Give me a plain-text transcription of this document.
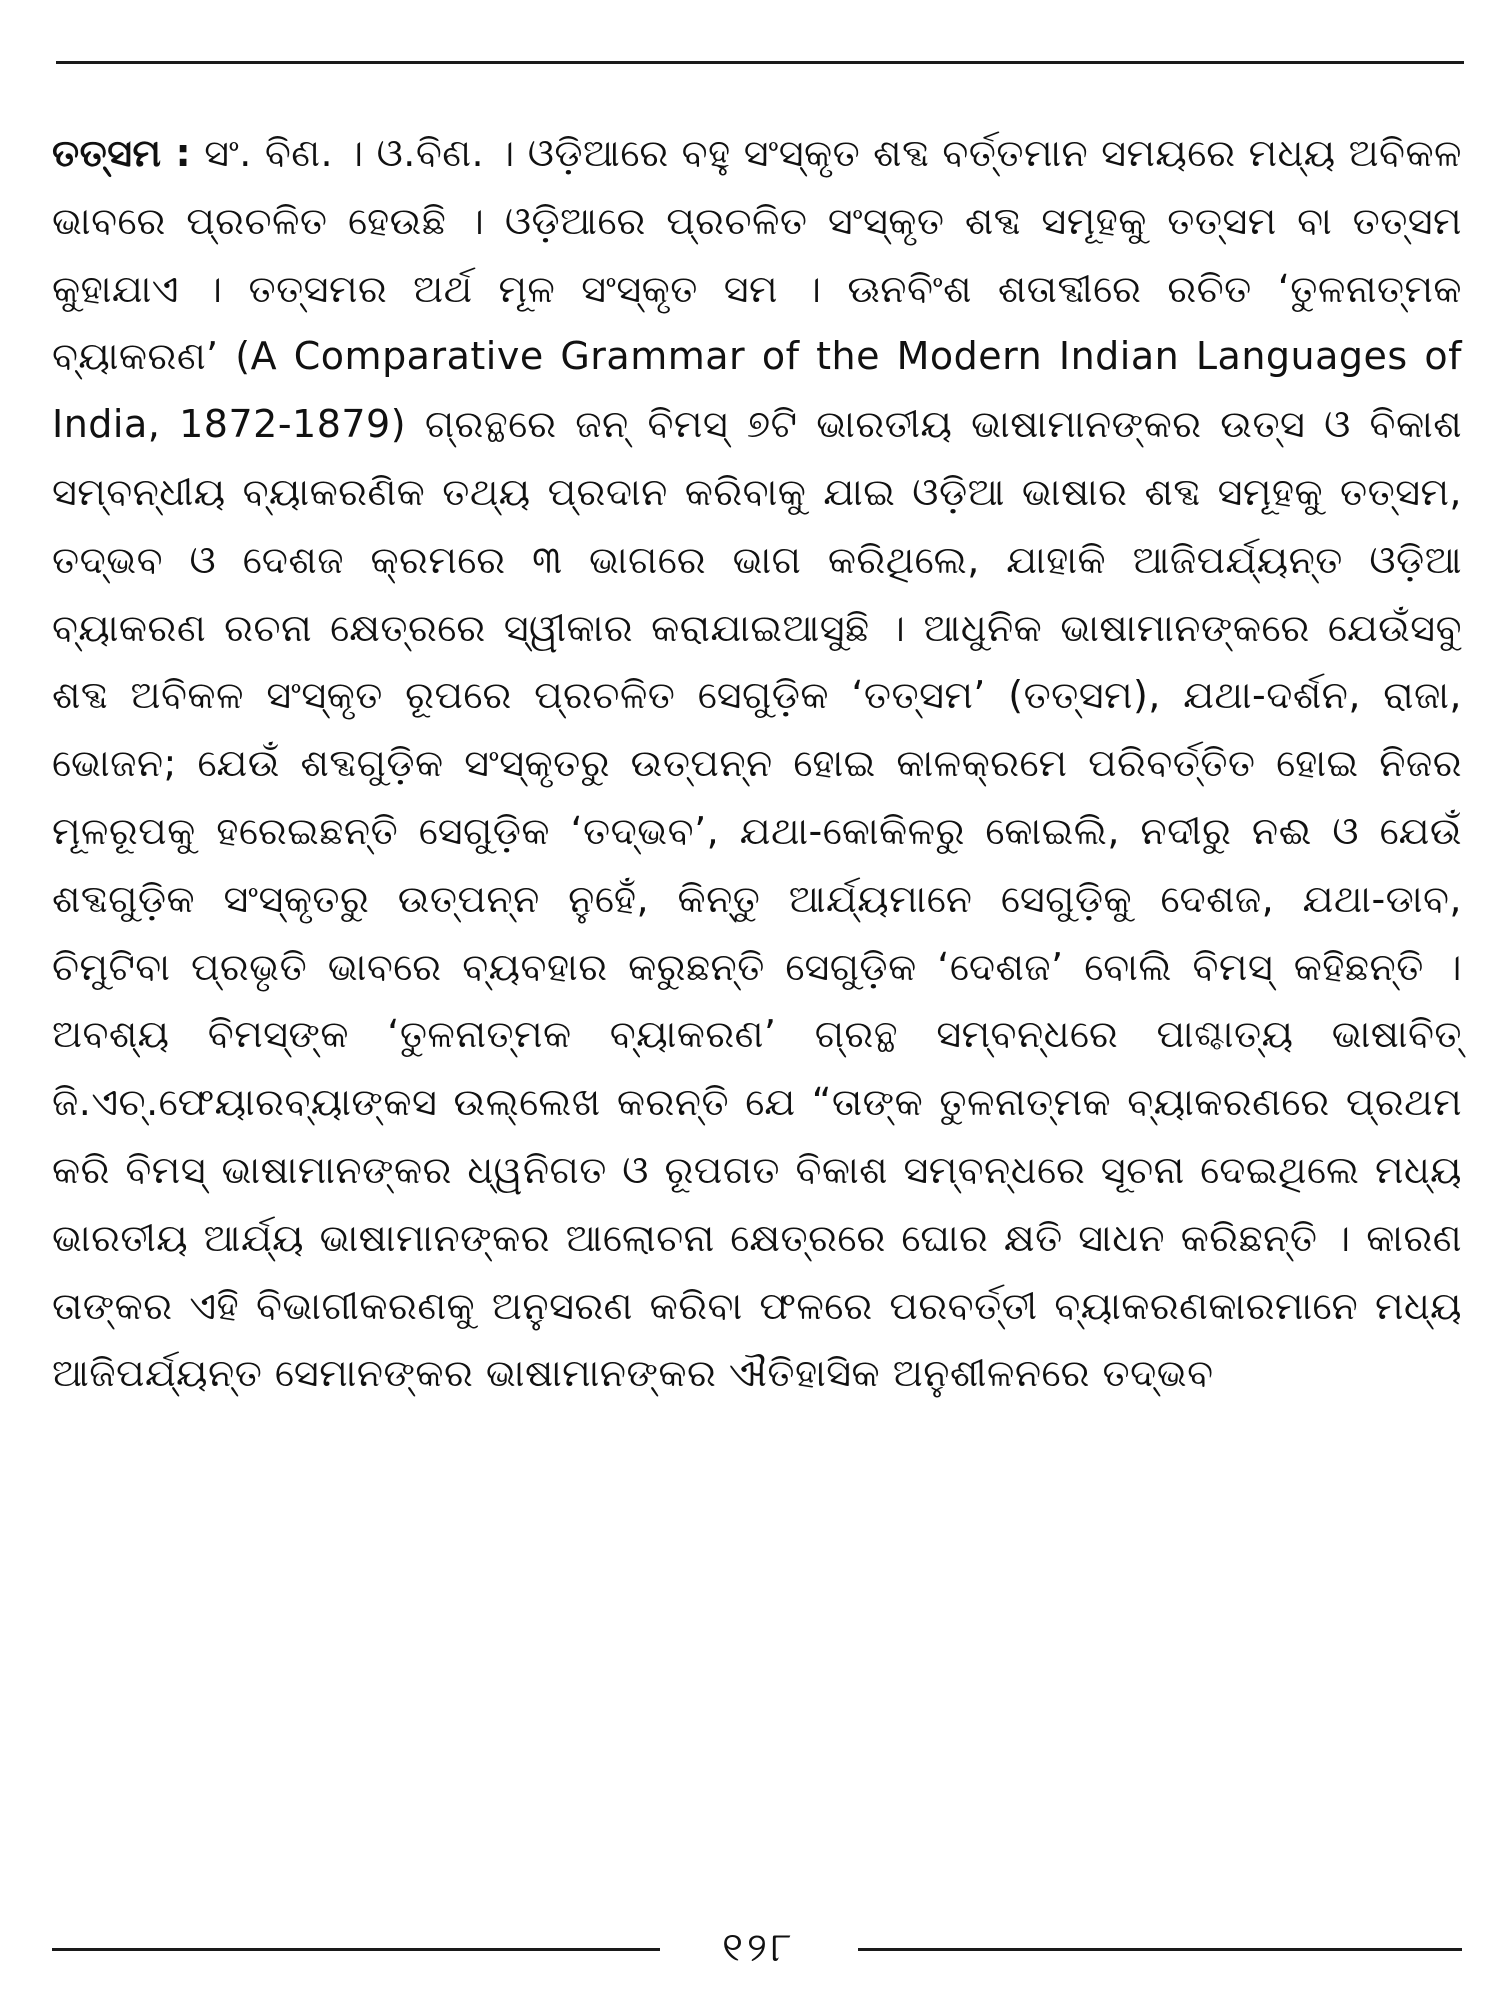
ତତ୍ସମ : ସଂ. ବିଣ. । ଓ.ବିଣ. । ଓଡ଼ିଆରେ ବହୁ ସଂସ୍କୃତ ଶବ୍ଦ ବର୍ତ୍ତମାନ ସମୟରେ ମଧ୍ୟ ଅବିକଳ ଭାବରେ ପ୍ରଚଳିତ ହେଉଛି । ଓଡ଼ିଆରେ ପ୍ରଚଳିତ ସଂସ୍କୃତ ଶବ୍ଦ ସମୂହକୁ ତତ୍ସମ ବା ତତ୍ସମ କୁହାଯାଏ । ତତ୍ସମର ଅର୍ଥ ମୂଳ ସଂସ୍କୃତ ସମ । ଊନବିଂଶ ଶତାବ୍ଦୀରେ ରଚିତ ‘ତୁଳନାତ୍ମକ ବ୍ୟାକରଣ’ (A Comparative Grammar of the Modern Indian Languages of India, 1872-1879) ଗ୍ରନ୍ଥରେ ଜନ୍ ବିମସ୍ ୭ଟି ଭାରତୀୟ ଭାଷାମାନଙ୍କର ଉତ୍ସ ଓ ବିକାଶ ସମ୍ବନ୍ଧୀୟ ବ୍ୟାକରଣିକ ତଥ୍ୟ ପ୍ରଦାନ କରିବାକୁ ଯାଇ ଓଡ଼ିଆ ଭାଷାର ଶବ୍ଦ ସମୂହକୁ ତତ୍ସମ, ତଦ୍ଭବ ଓ ଦେଶଜ କ୍ରମରେ ୩ ଭାଗରେ ଭାଗ କରିଥିଲେ, ଯାହାକି ଆଜିପର୍ଯ୍ୟନ୍ତ ଓଡ଼ିଆ ବ୍ୟାକରଣ ରଚନା କ୍ଷେତ୍ରରେ ସ୍ୱୀକାର କରାଯାଇଆସୁଛି । ଆଧୁନିକ ଭାଷାମାନଙ୍କରେ ଯେଉଁସବୁ ଶବ୍ଦ ଅବିକଳ ସଂସ୍କୃତ ରୂପରେ ପ୍ରଚଳିତ ସେଗୁଡ଼ିକ ‘ତତ୍ସମ’ (ତତ୍ସମ), ଯଥା-ଦର୍ଶନ, ରାଜା, ଭୋଜନ; ଯେଉଁ ଶବ୍ଦଗୁଡ଼ିକ ସଂସ୍କୃତରୁ ଉତ୍ପନ୍ନ ହୋଇ କାଳକ୍ରମେ ପରିବର୍ତ୍ତିତ ହୋଇ ନିଜର ମୂଳରୂପକୁ ହରେଇଛନ୍ତି ସେଗୁଡ଼ିକ ‘ତଦ୍ଭବ’, ଯଥା-କୋକିଳରୁ କୋଇଲି, ନଦୀରୁ ନଈ ଓ ଯେଉଁ ଶବ୍ଦଗୁଡ଼ିକ ସଂସ୍କୃତରୁ ଉତ୍ପନ୍ନ ନୁହେଁ, କିନ୍ତୁ ଆର୍ଯ୍ୟମାନେ ସେଗୁଡ଼ିକୁ ଦେଶଜ, ଯଥା-ଡାବ, ଚିମୁଟିବା ପ୍ରଭୃତି ଭାବରେ ବ୍ୟବହାର କରୁଛନ୍ତି ସେଗୁଡ଼ିକ ‘ଦେଶଜ’ ବୋଲି ବିମସ୍ କହିଛନ୍ତି । ଅବଶ୍ୟ ବିମସ୍ଙ୍କ ‘ତୁଳନାତ୍ମକ ବ୍ୟାକରଣ’ ଗ୍ରନ୍ଥ ସମ୍ବନ୍ଧରେ ପାଶ୍ଚାତ୍ୟ ଭାଷାବିତ୍ ଜି.ଏଚ୍.ଫେୟାରବ୍ୟାଙ୍କସ ଉଲ୍ଲେଖ କରନ୍ତି ଯେ “ତାଙ୍କ ତୁଳନାତ୍ମକ ବ୍ୟାକରଣରେ ପ୍ରଥମ କରି ବିମସ୍ ଭାଷାମାନଙ୍କର ଧ୍ୱନିଗତ ଓ ରୂପଗତ ବିକାଶ ସମ୍ବନ୍ଧରେ ସୂଚନା ଦେଇଥିଲେ ମଧ୍ୟ ଭାରତୀୟ ଆର୍ଯ୍ୟ ଭାଷାମାନଙ୍କର ଆଲୋଚନା କ୍ଷେତ୍ରରେ ଘୋର କ୍ଷତି ସାଧନ କରିଛନ୍ତି । କାରଣ ତାଙ୍କର ଏହି ବିଭାଗୀକରଣକୁ ଅନୁସରଣ କରିବା ଫଳରେ ପରବର୍ତ୍ତୀ ବ୍ୟାକରଣକାରମାନେ ମଧ୍ୟ ଆଜିପର୍ଯ୍ୟନ୍ତ ସେମାନଙ୍କର ଭାଷାମାନଙ୍କର ଐତିହାସିକ ଅନୁଶୀଳନରେ ତଦ୍ଭବ

୧୨୮
